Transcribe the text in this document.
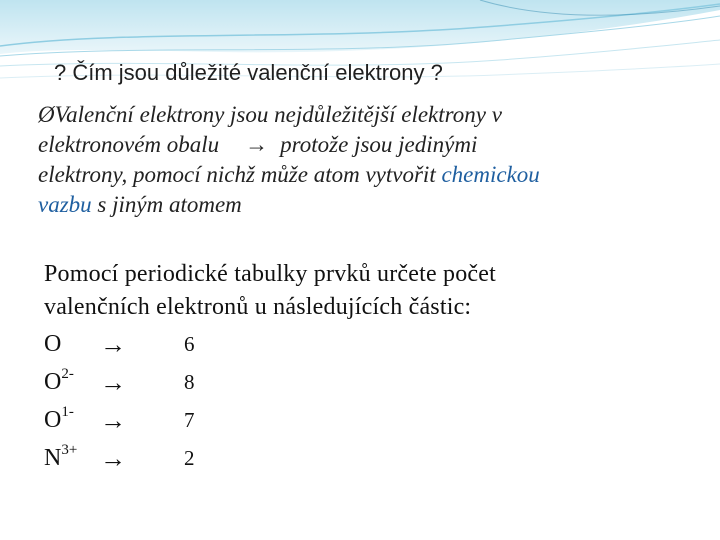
? Čím jsou důležité valenční elektrony ?
ØValenční elektrony jsou nejdůležitější elektrony v
elektronovém obalu → protože jsou jedinými
elektrony, pomocí nichž může atom vytvořit chemickou
vazbu s jiným atomem
Pomocí periodické tabulky prvků určete počet
valenčních elektronů u následujících částic:
O →	6
$O^{2-}$ →	8
$O^{1-}$ →	7
$N^{3+}$ →	2
